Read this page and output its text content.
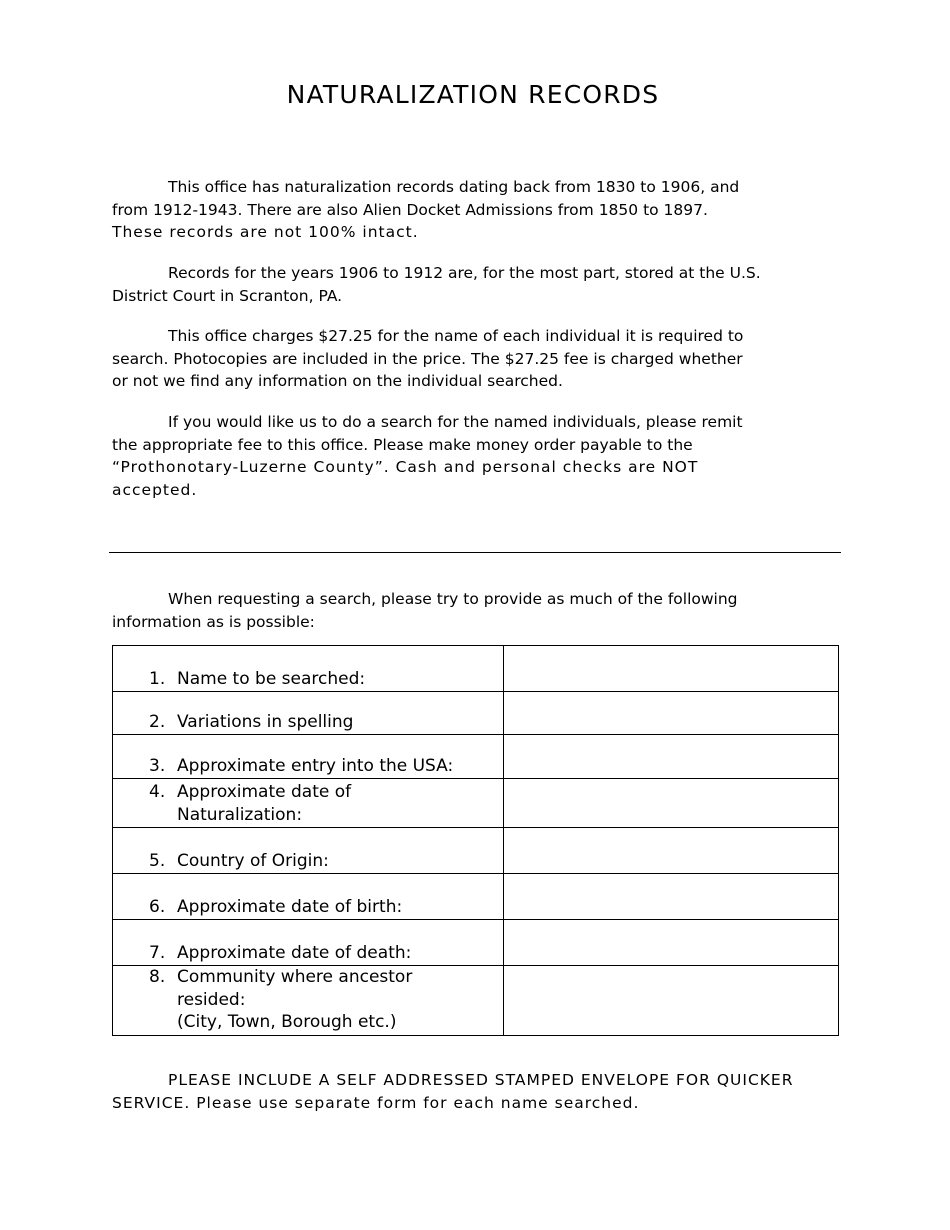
NATURALIZATION RECORDS

This office has naturalization records dating back from 1830 to 1906, and
from 1912-1943. There are also Alien Docket Admissions from 1850 to 1897.
These records are not 100% intact.

Records for the years 1906 to 1912 are, for the most part, stored at the U.S.
District Court in Scranton, PA.

This office charges $27.25 for the name of each individual it is required to
search. Photocopies are included in the price. The $27.25 fee is charged whether
or not we find any information on the individual searched.

If you would like us to do a search for the named individuals, please remit
the appropriate fee to this office. Please make money order payable to the
“Prothonotary-Luzerne County”. Cash and personal checks are NOT
accepted.

When requesting a search, please try to provide as much of the following
information as is possible:

1. Name to be searched:	

2. Variations in spelling	

3. Approximate entry into the USA:	

4. Approximate date of
Naturalization:	

5. Country of Origin:	

6. Approximate date of birth:	

7. Approximate date of death:	

8. Community where ancestor
resided:
(City, Town, Borough etc.)	

PLEASE INCLUDE A SELF ADDRESSED STAMPED ENVELOPE FOR QUICKER
SERVICE. Please use separate form for each name searched.
